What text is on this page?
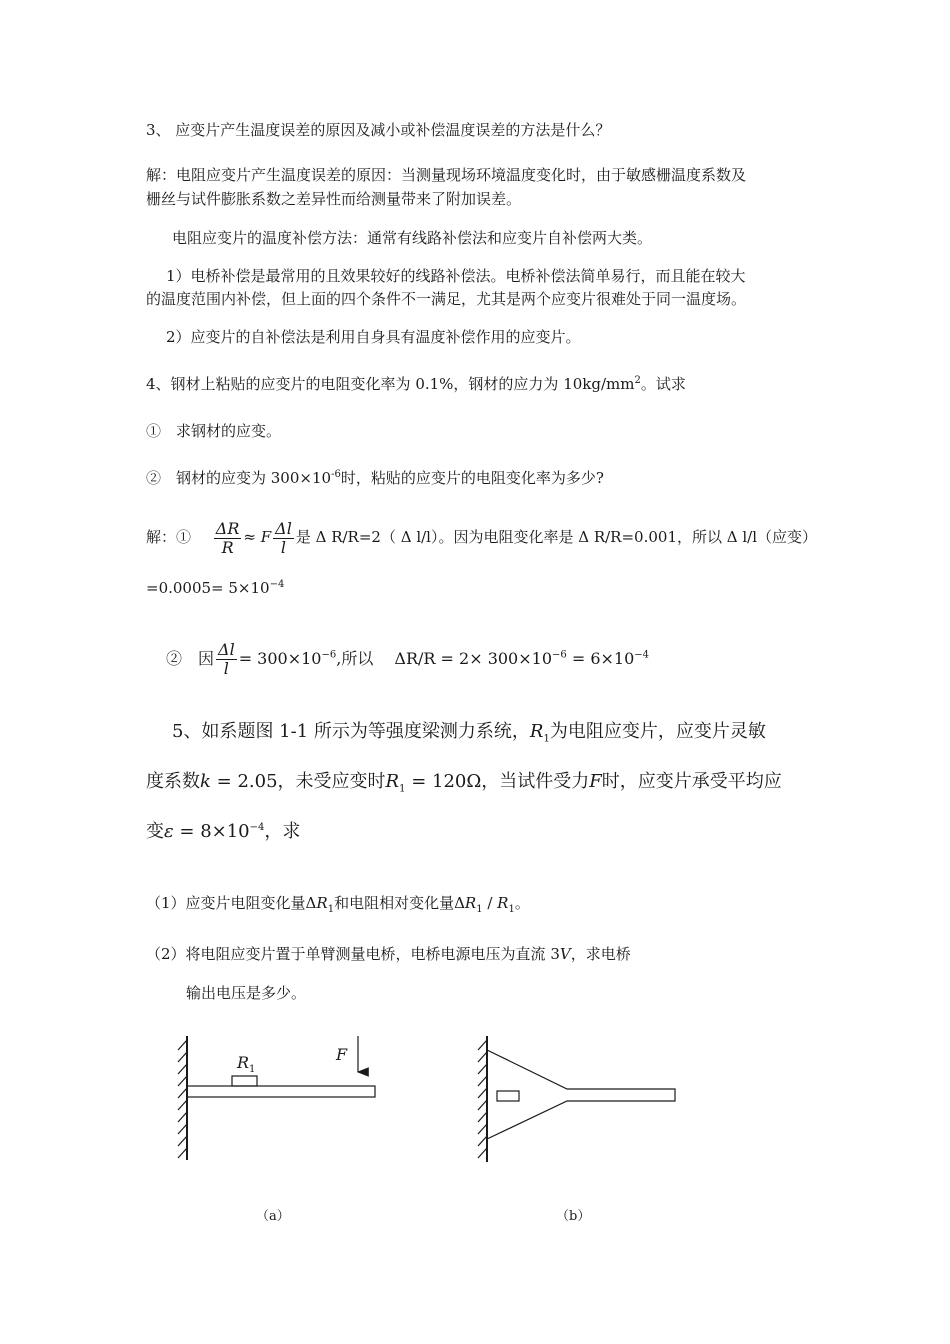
3、 应变片产生温度误差的原因及减小或补偿温度误差的方法是什么？
解：电阻应变片产生温度误差的原因：当测量现场环境温度变化时，由于敏感栅温度系数及
栅丝与试件膨胀系数之差异性而给测量带来了附加误差。
电阻应变片的温度补偿方法：通常有线路补偿法和应变片自补偿两大类。
1）电桥补偿是最常用的且效果较好的线路补偿法。电桥补偿法简单易行，而且能在较大
的温度范围内补偿，但上面的四个条件不一满足，尤其是两个应变片很难处于同一温度场。
2）应变片的自补偿法是利用自身具有温度补偿作用的应变片。
4、钢材上粘贴的应变片的电阻变化率为 0.1%，钢材的应力为 $10kg/mm^2$。试求
①　求钢材的应变。
②　钢材的应变为 $300\times 10^{-6}$时，粘贴的应变片的电阻变化率为多少?
解：① $\frac{\Delta R}{R} \approx F \frac{\Delta l}{l}$ 是 Δ R/R=2（ Δ l/l）。因为电阻变化率是 Δ R/R=0.001，所以 Δ l/l（应变）
$=0.0005= 5\times 10^{-4}$
②　因 $\frac{\Delta l}{l} = 300\times 10^{-6}$,所以　 $\Delta R/R = 2\times 300\times 10^{-6} = 6\times 10^{-4}$
5、如系题图 1-1 所示为等强度梁测力系统，$R_1$为电阻应变片，应变片灵敏
度系数k = 2.05，未受应变时$R_1 = 120\Omega$，当试件受力F时，应变片承受平均应
变$\varepsilon = 8\times 10^{-4}$，求
（1）应变片电阻变化量$\Delta R_1$和电阻相对变化量$\Delta R_1 / R_1$。
（2）将电阻应变片置于单臂测量电桥，电桥电源电压为直流 3V，求电桥
输出电压是多少。
$R_1$
F
（a）	（b）
